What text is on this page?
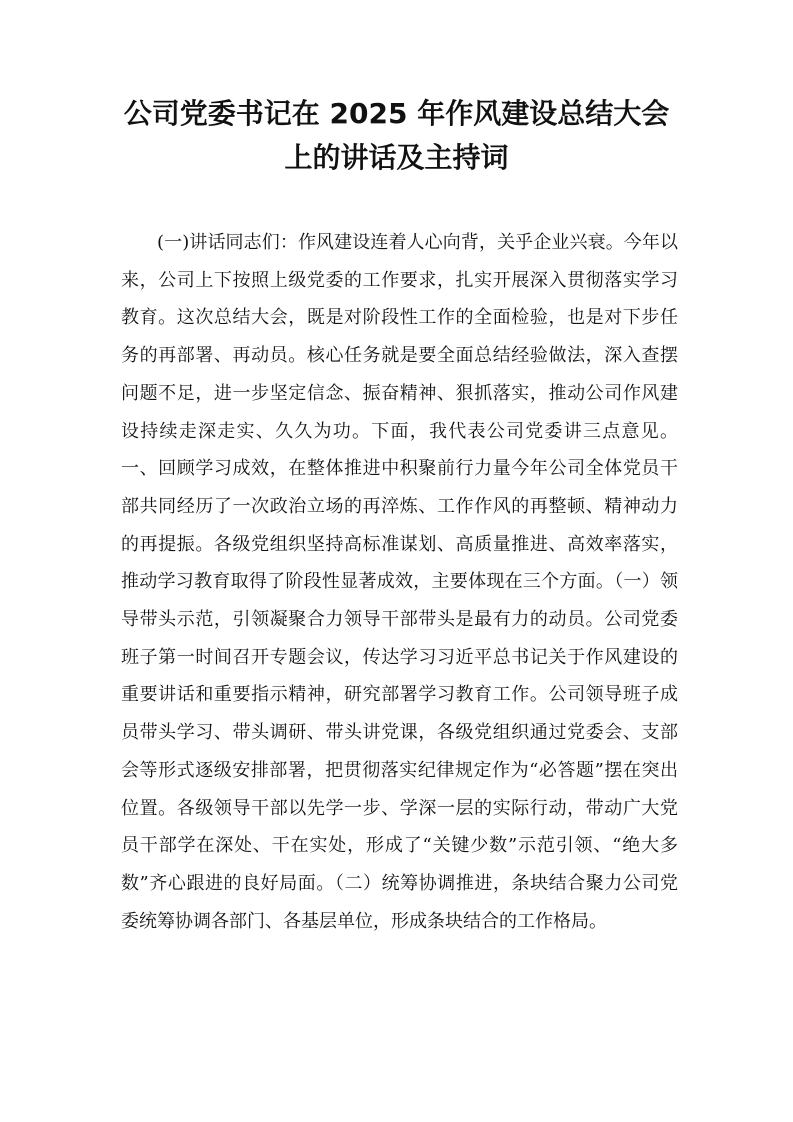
公司党委书记在 2025 年作风建设总结大会
上的讲话及主持词

(一)讲话同志们：作风建设连着人心向背，关乎企业兴衰。今年以来，公司上下按照上级党委的工作要求，扎实开展深入贯彻落实学习教育。这次总结大会，既是对阶段性工作的全面检验，也是对下步任务的再部署、再动员。核心任务就是要全面总结经验做法，深入查摆问题不足，进一步坚定信念、振奋精神、狠抓落实，推动公司作风建设持续走深走实、久久为功。下面，我代表公司党委讲三点意见。一、回顾学习成效，在整体推进中积聚前行力量今年公司全体党员干部共同经历了一次政治立场的再淬炼、工作作风的再整顿、精神动力的再提振。各级党组织坚持高标准谋划、高质量推进、高效率落实，推动学习教育取得了阶段性显著成效，主要体现在三个方面。（一）领导带头示范，引领凝聚合力领导干部带头是最有力的动员。公司党委班子第一时间召开专题会议，传达学习习近平总书记关于作风建设的重要讲话和重要指示精神，研究部署学习教育工作。公司领导班子成员带头学习、带头调研、带头讲党课，各级党组织通过党委会、支部会等形式逐级安排部署，把贯彻落实纪律规定作为“必答题”摆在突出位置。各级领导干部以先学一步、学深一层的实际行动，带动广大党员干部学在深处、干在实处，形成了“关键少数”示范引领、“绝大多数”齐心跟进的良好局面。（二）统筹协调推进，条块结合聚力公司党委统筹协调各部门、各基层单位，形成条块结合的工作格局。
